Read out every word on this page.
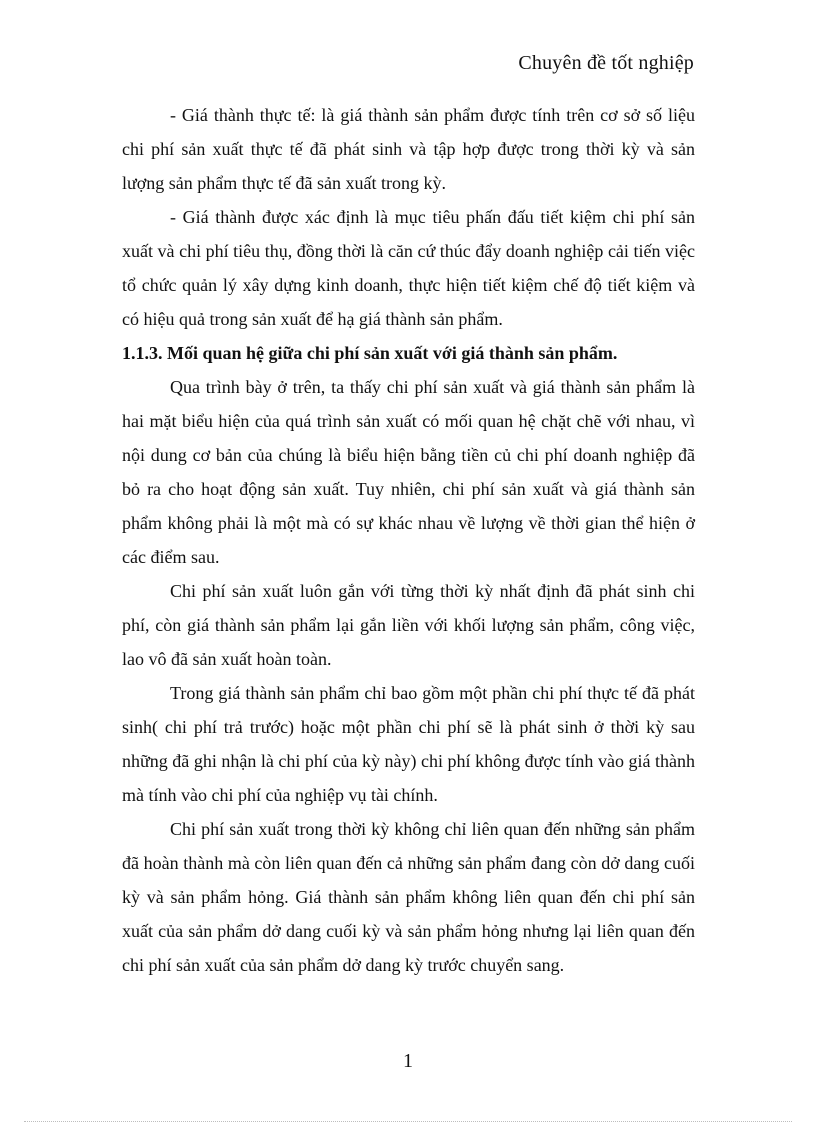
Chuyên đề tốt nghiệp

- Giá thành thực tế: là giá thành sản phẩm được tính trên cơ sở số liệu chi phí sản xuất thực tế đã phát sinh và tập hợp được trong thời kỳ và sản lượng sản phẩm thực tế đã sản xuất trong kỳ.

- Giá thành được xác định là mục tiêu phấn đấu tiết kiệm chi phí sản xuất và chi phí tiêu thụ, đồng thời là căn cứ thúc đẩy doanh nghiệp cải tiến việc tổ chức quản lý xây dựng kinh doanh, thực hiện tiết kiệm chế độ tiết kiệm và có hiệu quả trong sản xuất để hạ giá thành sản phẩm.

1.1.3. Mối quan hệ giữa chi phí sản xuất với giá thành sản phẩm.

Qua trình bày ở trên, ta thấy chi phí sản xuất và giá thành sản phẩm là hai mặt biểu hiện của quá trình sản xuất có mối quan hệ chặt chẽ với nhau, vì nội dung cơ bản của chúng là biểu hiện bằng tiền củ chi phí doanh nghiệp đã bỏ ra cho hoạt động sản xuất. Tuy nhiên, chi phí sản xuất và giá thành sản phẩm không phải là một mà có sự khác nhau về lượng về thời gian thể hiện ở các điểm sau.

Chi phí sản xuất luôn gắn với từng thời kỳ nhất định đã phát sinh chi phí, còn giá thành sản phẩm lại gắn liền với khối lượng sản phẩm, công việc, lao vô đã sản xuất hoàn toàn.

Trong giá thành sản phẩm chỉ bao gồm một phần chi phí thực tế đã phát sinh( chi phí trả trước) hoặc một phần chi phí sẽ là phát sinh ở thời kỳ sau những đã ghi nhận là chi phí của kỳ này) chi phí không được tính vào giá thành mà tính vào chi phí của nghiệp vụ tài chính.

Chi phí sản xuất trong thời kỳ không chỉ liên quan đến những sản phẩm đã hoàn thành mà còn liên quan đến cả những sản phẩm đang còn dở dang cuối kỳ và sản phẩm hỏng. Giá thành sản phẩm không liên quan đến chi phí sản xuất của sản phẩm dở dang cuối kỳ và sản phẩm hỏng nhưng lại liên quan đến chi phí sản xuất của sản phẩm dở dang kỳ trước chuyển sang.

1
